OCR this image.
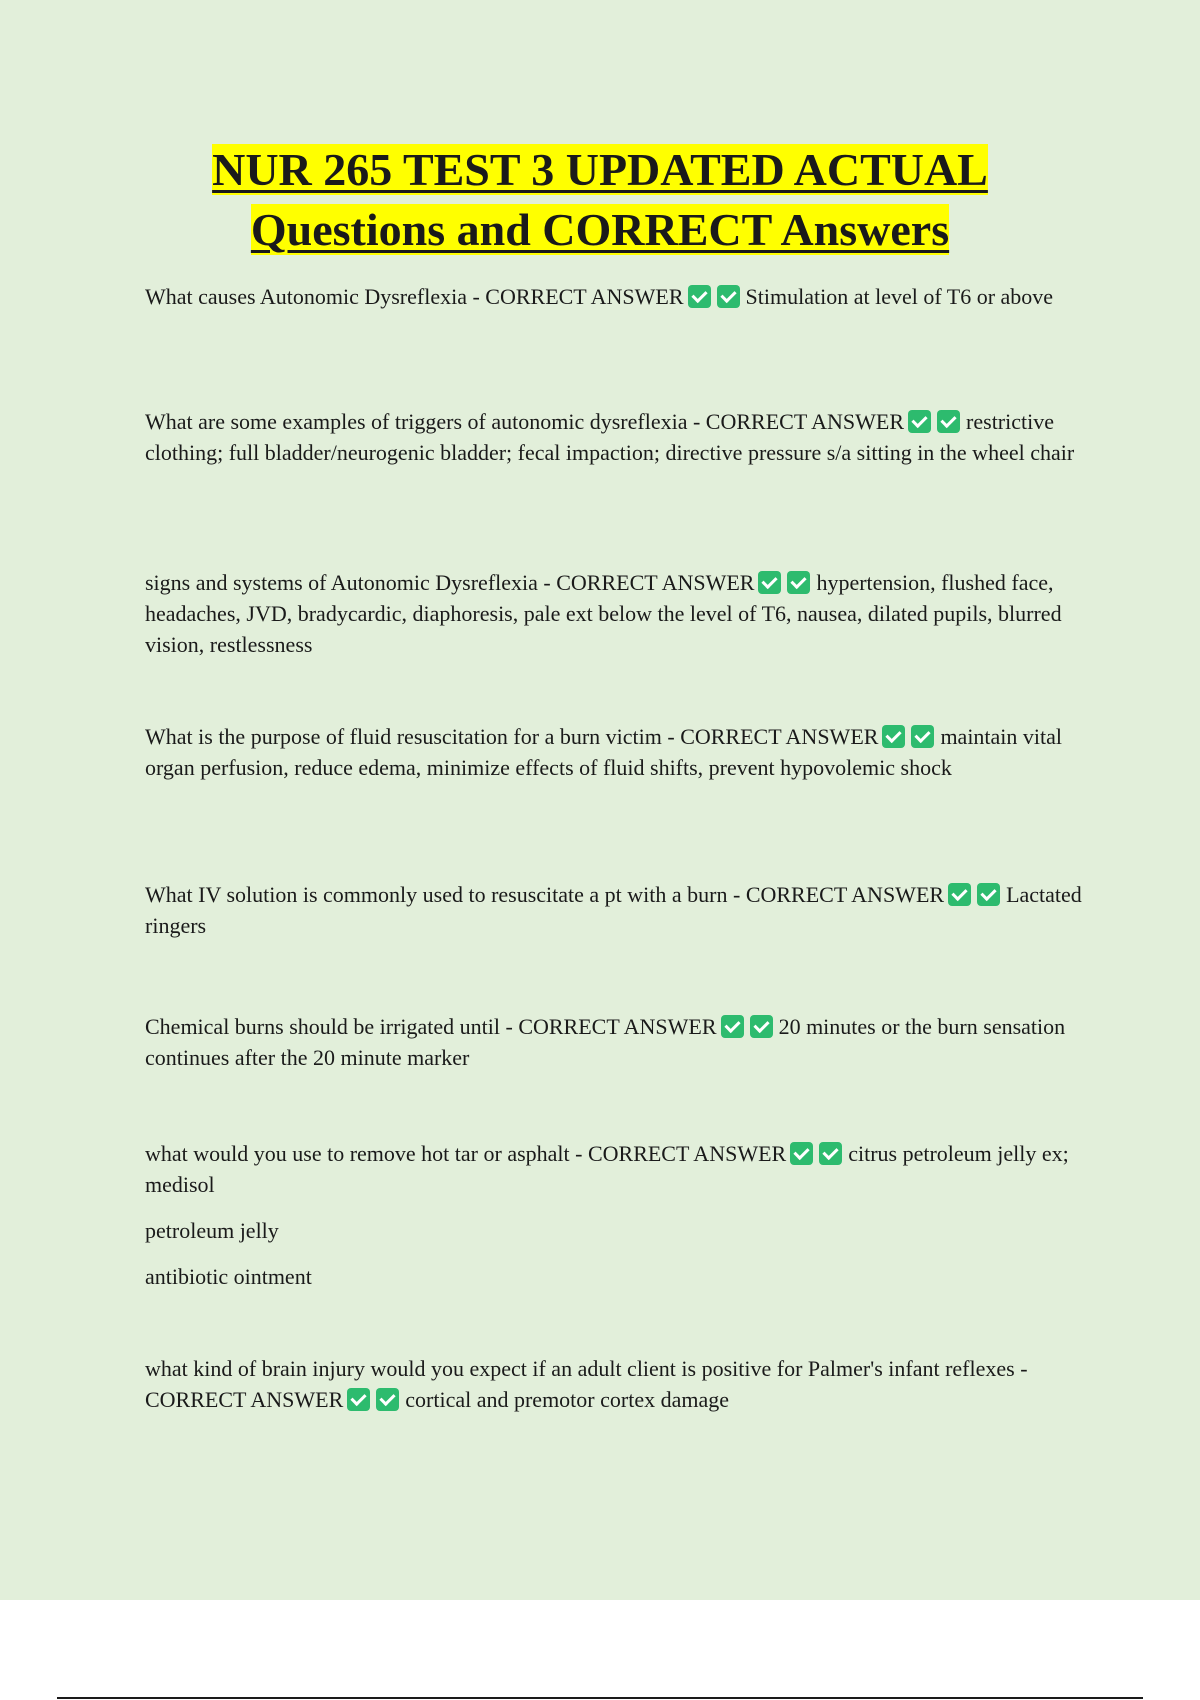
NUR 265 TEST 3 UPDATED ACTUAL
Questions and CORRECT Answers

What causes Autonomic Dysreflexia - CORRECT ANSWER	Stimulation at level of T6 or above

What are some examples of triggers of autonomic dysreflexia - CORRECT ANSWER	restrictive clothing; full bladder/neurogenic bladder; fecal impaction; directive pressure s/a sitting in the wheel chair

signs and systems of Autonomic Dysreflexia - CORRECT ANSWER	hypertension, flushed face, headaches, JVD, bradycardic, diaphoresis, pale ext below the level of T6, nausea, dilated pupils, blurred vision, restlessness

What is the purpose of fluid resuscitation for a burn victim - CORRECT ANSWER	maintain vital organ perfusion, reduce edema, minimize effects of fluid shifts, prevent hypovolemic shock

What IV solution is commonly used to resuscitate a pt with a burn - CORRECT ANSWER	Lactated ringers

Chemical burns should be irrigated until - CORRECT ANSWER	20 minutes or the burn sensation continues after the 20 minute marker

what would you use to remove hot tar or asphalt - CORRECT ANSWER	citrus petroleum jelly ex; medisol

petroleum jelly

antibiotic ointment

what kind of brain injury would you expect if an adult client is positive for Palmer's infant reflexes - CORRECT ANSWER	cortical and premotor cortex damage
